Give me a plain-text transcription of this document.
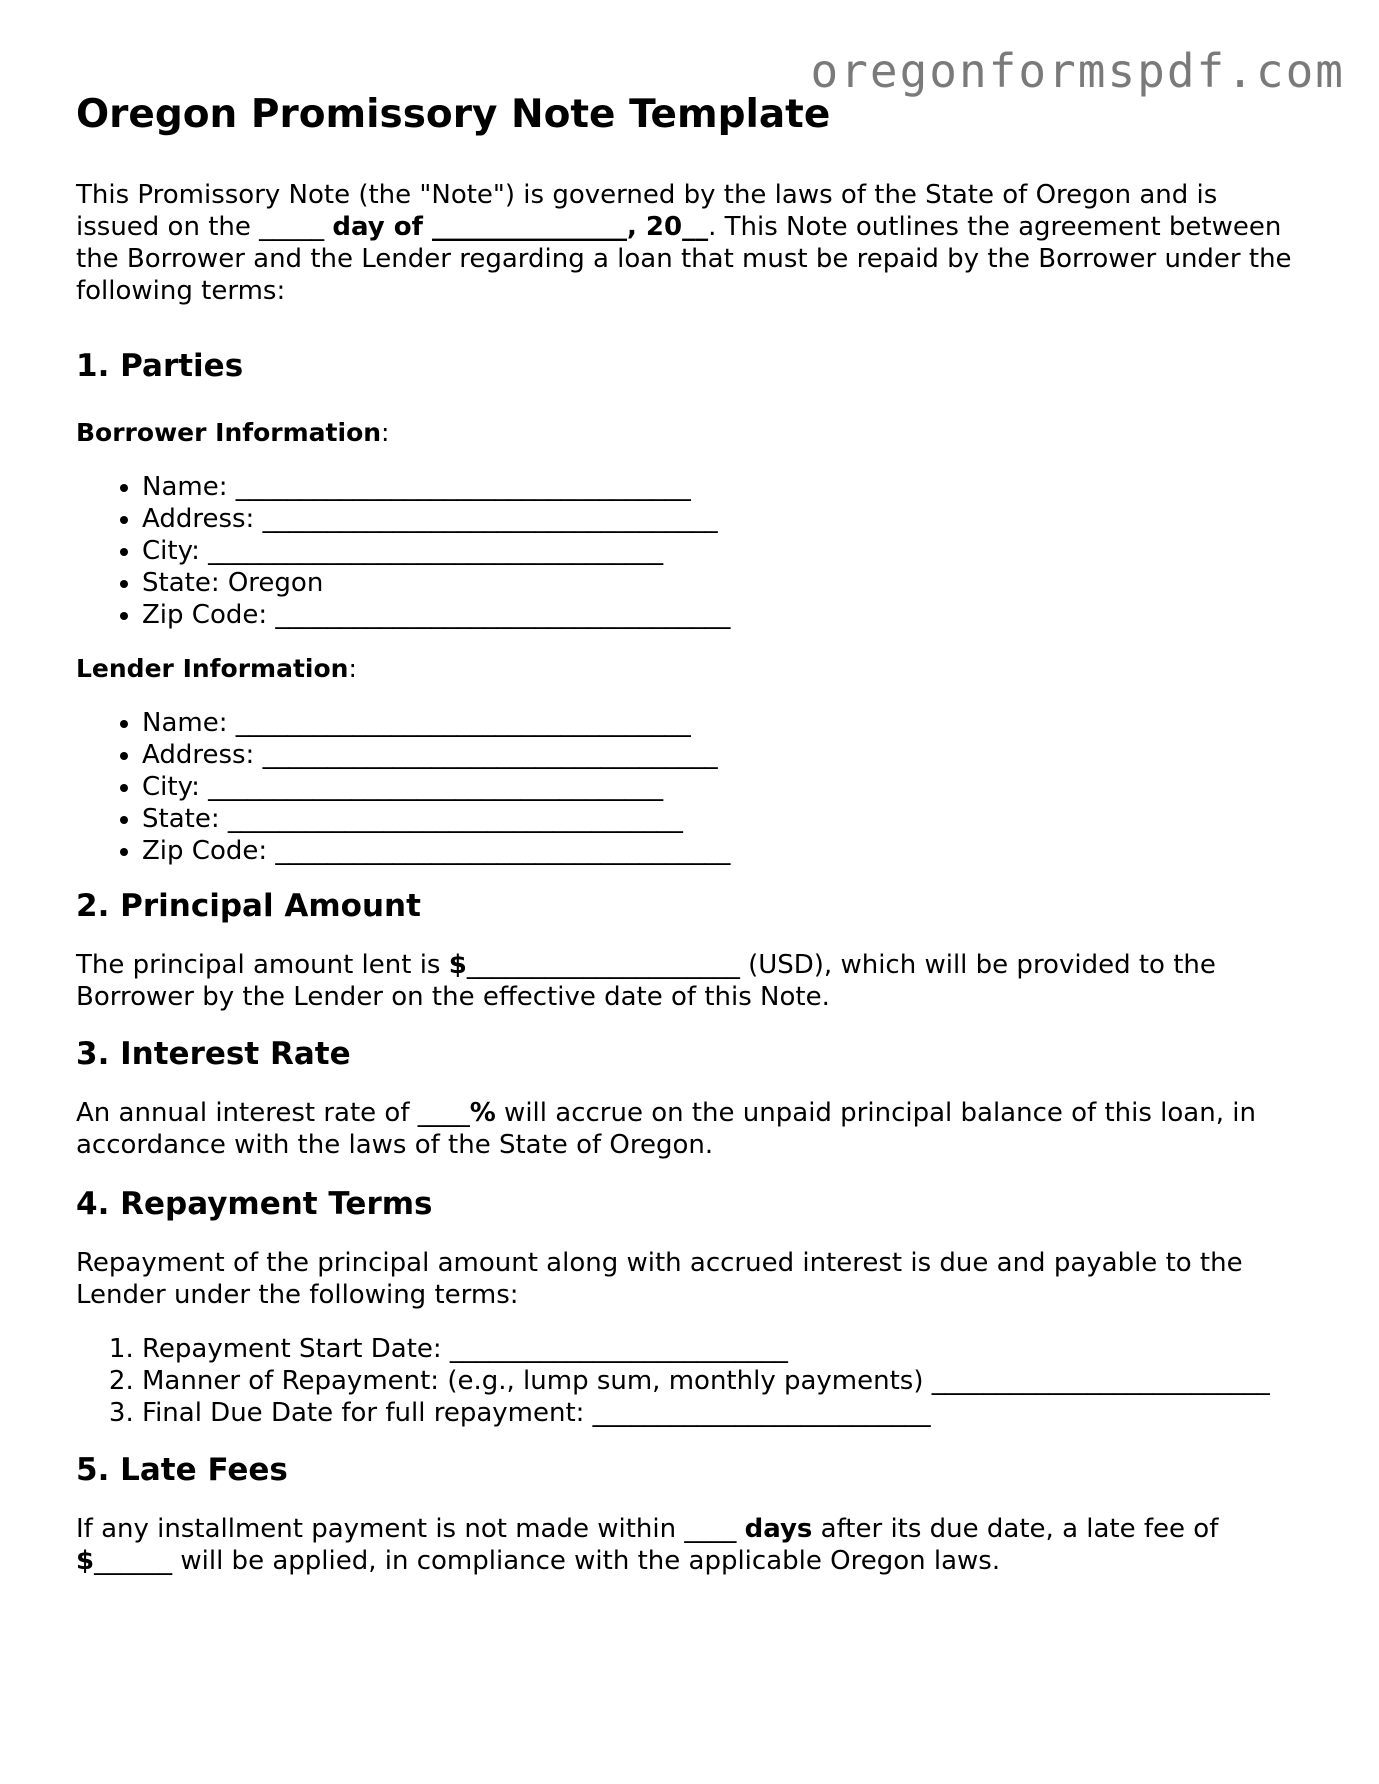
oregonformspdf.com
Oregon Promissory Note Template

This Promissory Note (the "Note") is governed by the laws of the State of Oregon and is issued on the _____ day of _______________, 20__. This Note outlines the agreement between the Borrower and the Lender regarding a loan that must be repaid by the Borrower under the following terms:

1. Parties
Borrower Information:
• Name: ___________________________________
• Address: ___________________________________
• City: ___________________________________
• State: Oregon
• Zip Code: ___________________________________
Lender Information:
• Name: ___________________________________
• Address: ___________________________________
• City: ___________________________________
• State: ___________________________________
• Zip Code: ___________________________________
2. Principal Amount

The principal amount lent is $_____________________ (USD), which will be provided to the Borrower by the Lender on the effective date of this Note.

3. Interest Rate

An annual interest rate of ____% will accrue on the unpaid principal balance of this loan, in accordance with the laws of the State of Oregon.

4. Repayment Terms

Repayment of the principal amount along with accrued interest is due and payable to the Lender under the following terms:

1. Repayment Start Date: __________________________
2. Manner of Repayment: (e.g., lump sum, monthly payments) __________________________
3. Final Due Date for full repayment: __________________________
5. Late Fees

If any installment payment is not made within ____ days after its due date, a late fee of $______ will be applied, in compliance with the applicable Oregon laws.
